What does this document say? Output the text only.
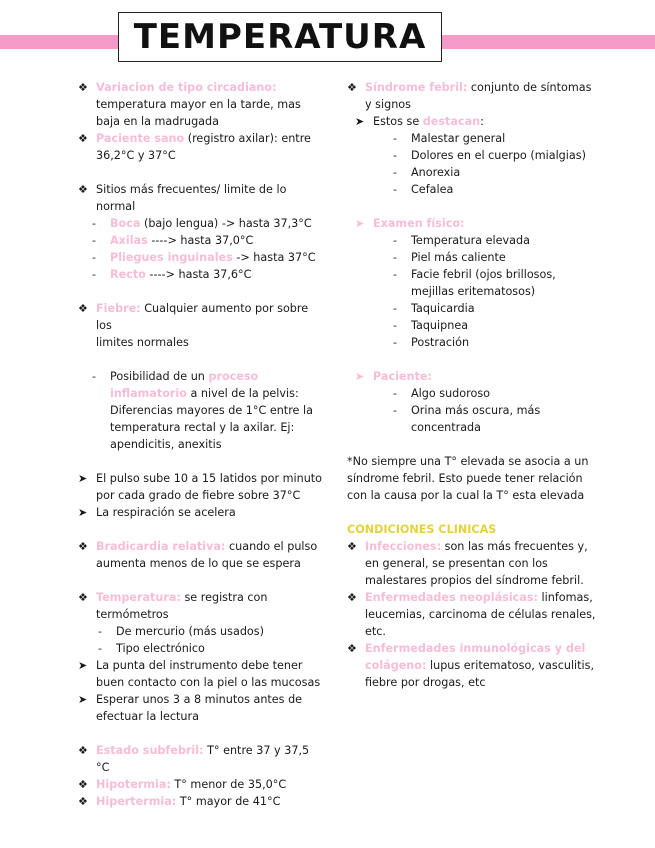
TEMPERATURA
❖ Variacion de tipo circadiano:
temperatura mayor en la tarde, mas
baja en la madrugada
❖ Paciente sano (registro axilar): entre
36,2°C y 37°C
❖ Sitios más frecuentes/ limite de lo
normal
- Boca (bajo lengua) -> hasta 37,3°C
- Axilas ----> hasta 37,0°C
- Pliegues inguinales -> hasta 37°C
- Recto ----> hasta 37,6°C
❖ Fiebre: Cualquier aumento por sobre los
limites normales
- Posibilidad de un proceso
inflamatorio a nivel de la pelvis:
Diferencias mayores de 1°C entre la
temperatura rectal y la axilar. Ej:
apendicitis, anexitis
➤ El pulso sube 10 a 15 latidos por minuto
por cada grado de fiebre sobre 37°C
➤ La respiración se acelera
❖ Bradicardia relativa: cuando el pulso
aumenta menos de lo que se espera
❖ Temperatura: se registra con
termómetros
- De mercurio (más usados)
- Tipo electrónico
➤ La punta del instrumento debe tener
buen contacto con la piel o las mucosas
➤ Esperar unos 3 a 8 minutos antes de
efectuar la lectura
❖ Estado subfebril: T° entre 37 y 37,5 °C
❖ Hipotermia: T° menor de 35,0°C
❖ Hipertermia: T° mayor de 41°C
❖ Síndrome febril: conjunto de síntomas
y signos
➤ Estos se destacan:
- Malestar general
- Dolores en el cuerpo (mialgias)
- Anorexia
- Cefalea
➤ Examen físico:
- Temperatura elevada
- Piel más caliente
- Facie febril (ojos brillosos,
mejillas eritematosos)
- Taquicardia
- Taquipnea
- Postración
➤ Paciente:
- Algo sudoroso
- Orina más oscura, más
concentrada
*No siempre una T° elevada se asocia a un
síndrome febril. Esto puede tener relación
con la causa por la cual la T° esta elevada
CONDICIONES CLINICAS
❖ Infecciones: son las más frecuentes y,
en general, se presentan con los
malestares propios del síndrome febril.
❖ Enfermedades neoplásicas: linfomas,
leucemias, carcinoma de células renales,
etc.
❖ Enfermedades inmunológicas y del
colágeno: lupus eritematoso, vasculitis,
fiebre por drogas, etc
